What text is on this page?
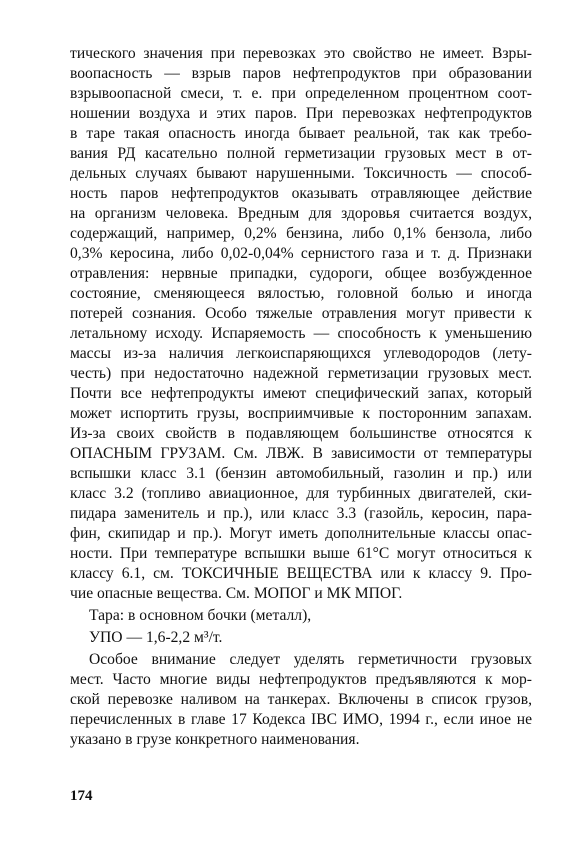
тического значения при перевозках это свойство не имеет. Взры-
воопасность — взрыв паров нефтепродуктов при образовании
взрывоопасной смеси, т. е. при определенном процентном соот-
ношении воздуха и этих паров. При перевозках нефтепродуктов
в таре такая опасность иногда бывает реальной, так как требо-
вания РД касательно полной герметизации грузовых мест в от-
дельных случаях бывают нарушенными. Токсичность — способ-
ность паров нефтепродуктов оказывать отравляющее действие
на организм человека. Вредным для здоровья считается воздух,
содержащий, например, 0,2% бензина, либо 0,1% бензола, либо
0,3% керосина, либо 0,02-0,04% сернистого газа и т. д. Признаки
отравления: нервные припадки, судороги, общее возбужденное
состояние, сменяющееся вялостью, головной болью и иногда
потерей сознания. Особо тяжелые отравления могут привести к
летальному исходу. Испаряемость — способность к уменьшению
массы из-за наличия легкоиспаряющихся углеводородов (лету-
честь) при недостаточно надежной герметизации грузовых мест.
Почти все нефтепродукты имеют специфический запах, который
может испортить грузы, восприимчивые к посторонним запахам.
Из-за своих свойств в подавляющем большинстве относятся к
ОПАСНЫМ ГРУЗАМ. См. ЛВЖ. В зависимости от температуры
вспышки класс 3.1 (бензин автомобильный, газолин и пр.) или
класс 3.2 (топливо авиационное, для турбинных двигателей, ски-
пидара заменитель и пр.), или класс 3.3 (газойль, керосин, пара-
фин, скипидар и пр.). Могут иметь дополнительные классы опас-
ности. При температуре вспышки выше 61°С могут относиться к
классу 6.1, см. ТОКСИЧНЫЕ ВЕЩЕСТВА или к классу 9. Про-
чие опасные вещества. См. МОПОГ и МК МПОГ.
Тара: в основном бочки (металл),
УПО — 1,6-2,2 м³/т.
Особое внимание следует уделять герметичности грузовых
мест. Часто многие виды нефтепродуктов предъявляются к мор-
ской перевозке наливом на танкерах. Включены в список грузов,
перечисленных в главе 17 Кодекса IBC ИМО, 1994 г., если иное не
указано в грузе конкретного наименования.
174
